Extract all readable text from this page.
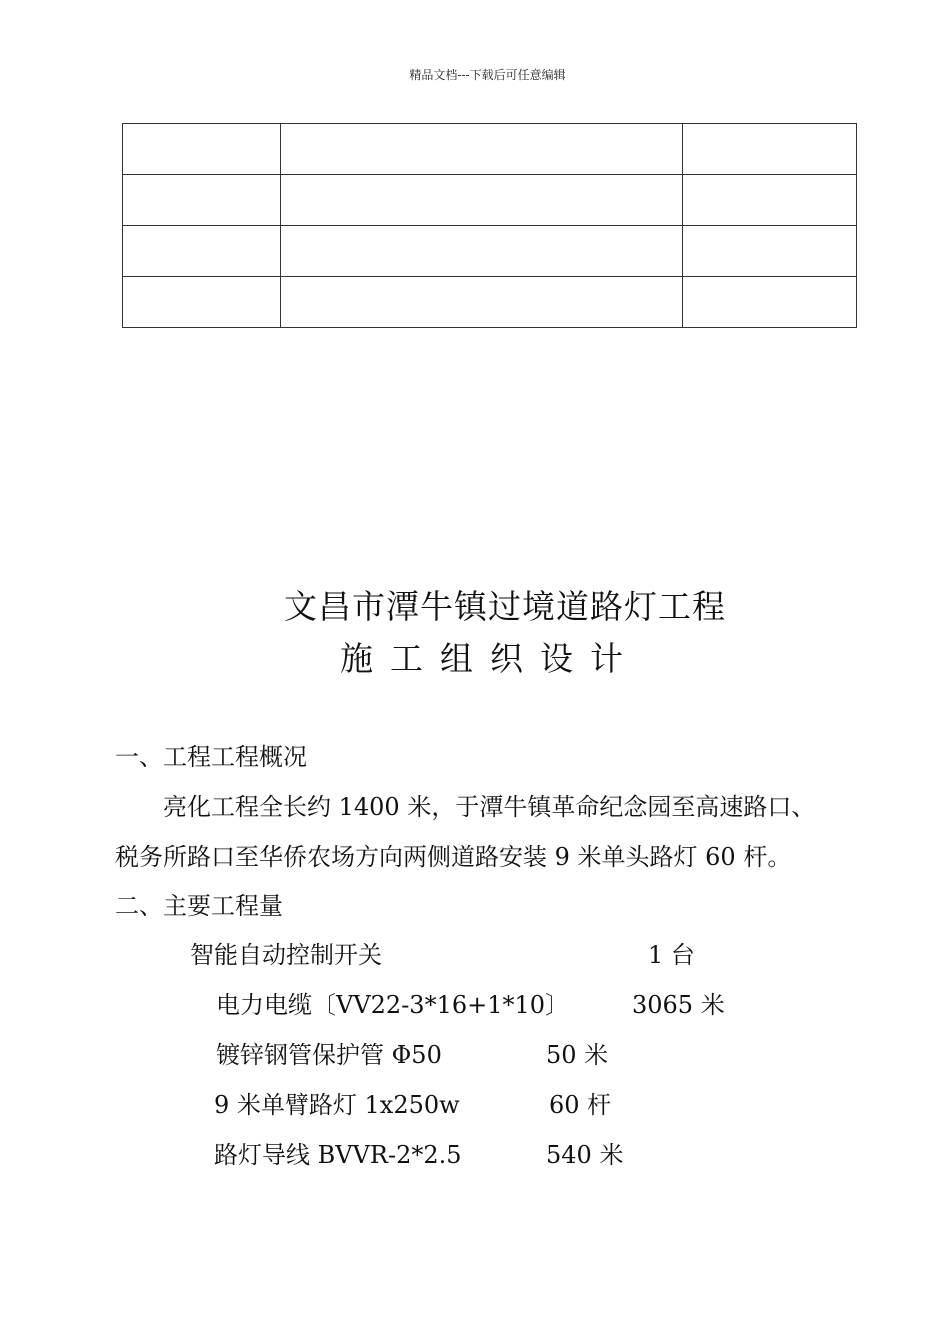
精品文档---下载后可任意编辑

文昌市潭牛镇过境道路灯工程
施工组织设计
一、工程工程概况
亮化工程全长约 1400 米，于潭牛镇革命纪念园至高速路口、
税务所路口至华侨农场方向两侧道路安装 9 米单头路灯 60 杆。
二、主要工程量
智能自动控制开关	1 台
电力电缆〔VV22-3*16+1*10〕	3065 米
镀锌钢管保护管 Φ50	50 米
9 米单臂路灯 1x250w	60 杆
路灯导线 BVVR-2*2.5	540 米
